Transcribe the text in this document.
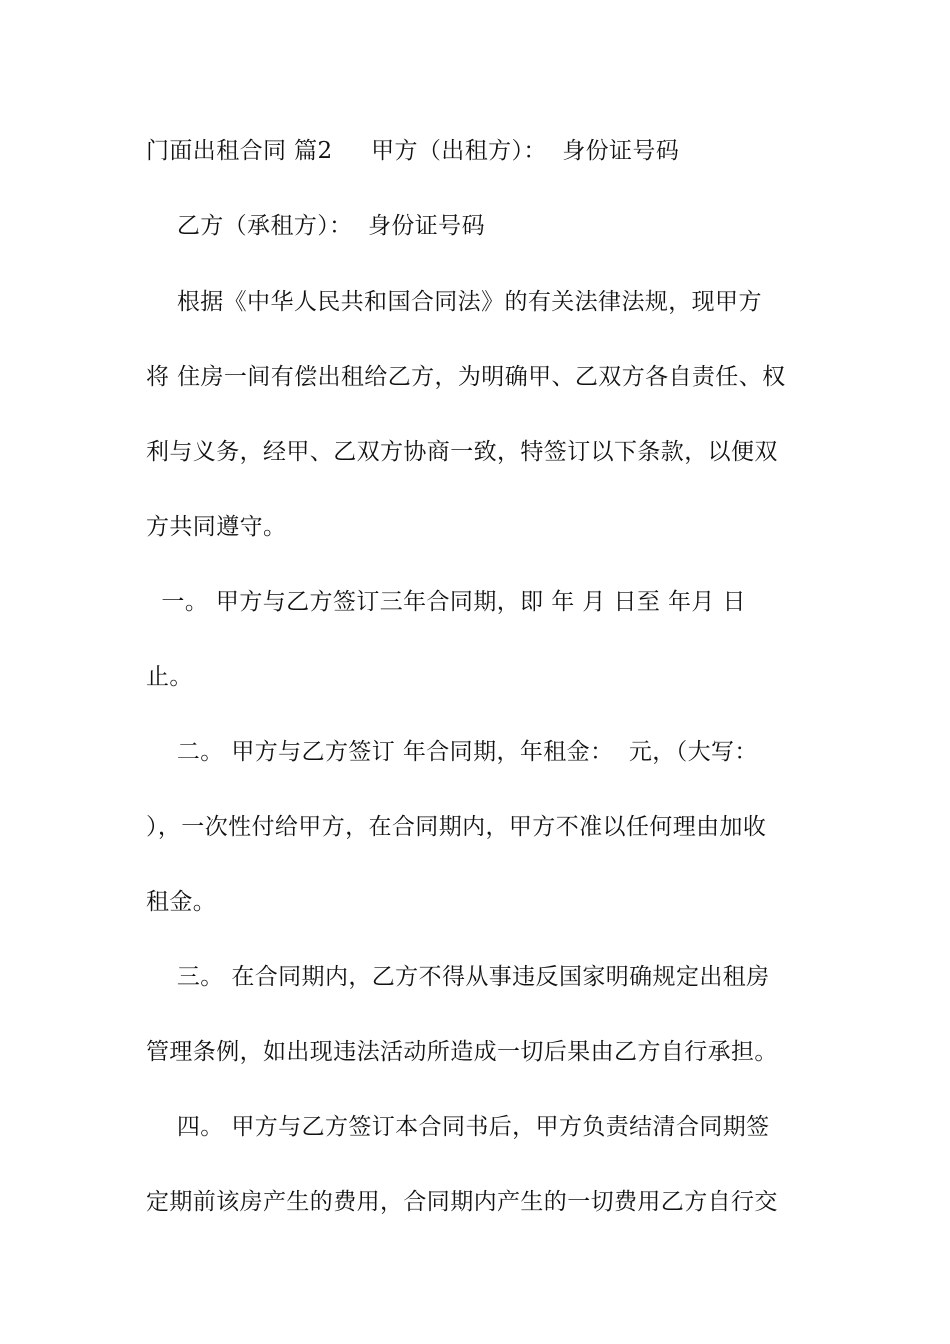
门面出租合同 篇2     甲方（出租方）：  身份证号码
乙方（承租方）：  身份证号码
根据《中华人民共和国合同法》的有关法律法规，现甲方
将 住房一间有偿出租给乙方，为明确甲、乙双方各自责任、权
利与义务，经甲、乙双方协商一致，特签订以下条款，以便双
方共同遵守。
一。 甲方与乙方签订三年合同期，即 年 月 日至 年月 日
止。
二。 甲方与乙方签订 年合同期，年租金：  元，（大写：
），一次性付给甲方，在合同期内，甲方不准以任何理由加收
租金。
三。 在合同期内，乙方不得从事违反国家明确规定出租房
管理条例，如出现违法活动所造成一切后果由乙方自行承担。
四。 甲方与乙方签订本合同书后，甲方负责结清合同期签
定期前该房产生的费用，合同期内产生的一切费用乙方自行交
